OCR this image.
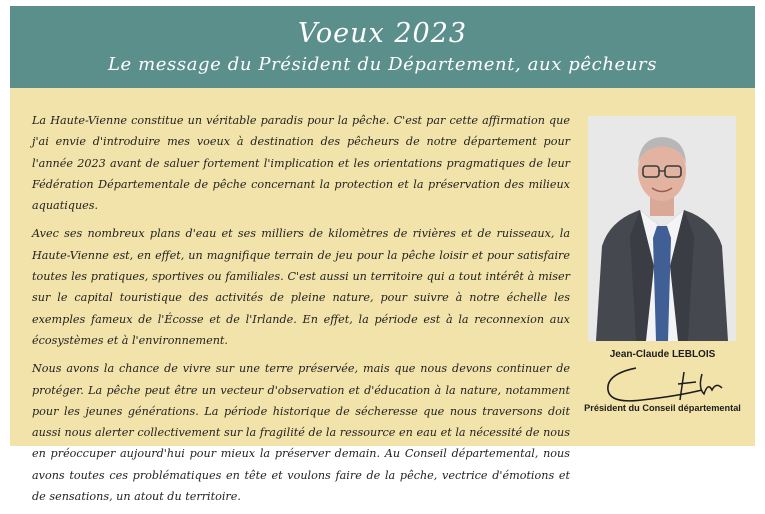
Voeux 2023
Le message du Président du Département, aux pêcheurs

La Haute-Vienne constitue un véritable paradis pour la pêche. C'est par cette affirmation que j'ai envie d'introduire mes voeux à destination des pêcheurs de notre département pour l'année 2023 avant de saluer fortement l'implication et les orientations pragmatiques de leur Fédération Départementale de pêche concernant la protection et la préservation des milieux aquatiques.

Avec ses nombreux plans d'eau et ses milliers de kilomètres de rivières et de ruisseaux, la Haute-Vienne est, en effet, un magnifique terrain de jeu pour la pêche loisir et pour satisfaire toutes les pratiques, sportives ou familiales. C'est aussi un territoire qui a tout intérêt à miser sur le capital touristique des activités de pleine nature, pour suivre à notre échelle les exemples fameux de l'Écosse et de l'Irlande. En effet, la période est à la reconnexion aux écosystèmes et à l'environnement.

Nous avons la chance de vivre sur une terre préservée, mais que nous devons continuer de protéger. La pêche peut être un vecteur d'observation et d'éducation à la nature, notamment pour les jeunes générations. La période historique de sécheresse que nous traversons doit aussi nous alerter collectivement sur la fragilité de la ressource en eau et la nécessité de nous en préoccuper aujourd'hui pour mieux la préserver demain. Au Conseil départemental, nous avons toutes ces problématiques en tête et voulons faire de la pêche, vectrice d'émotions et de sensations, un atout du territoire.

Jean-Claude LEBLOIS
Président du Conseil départemental
